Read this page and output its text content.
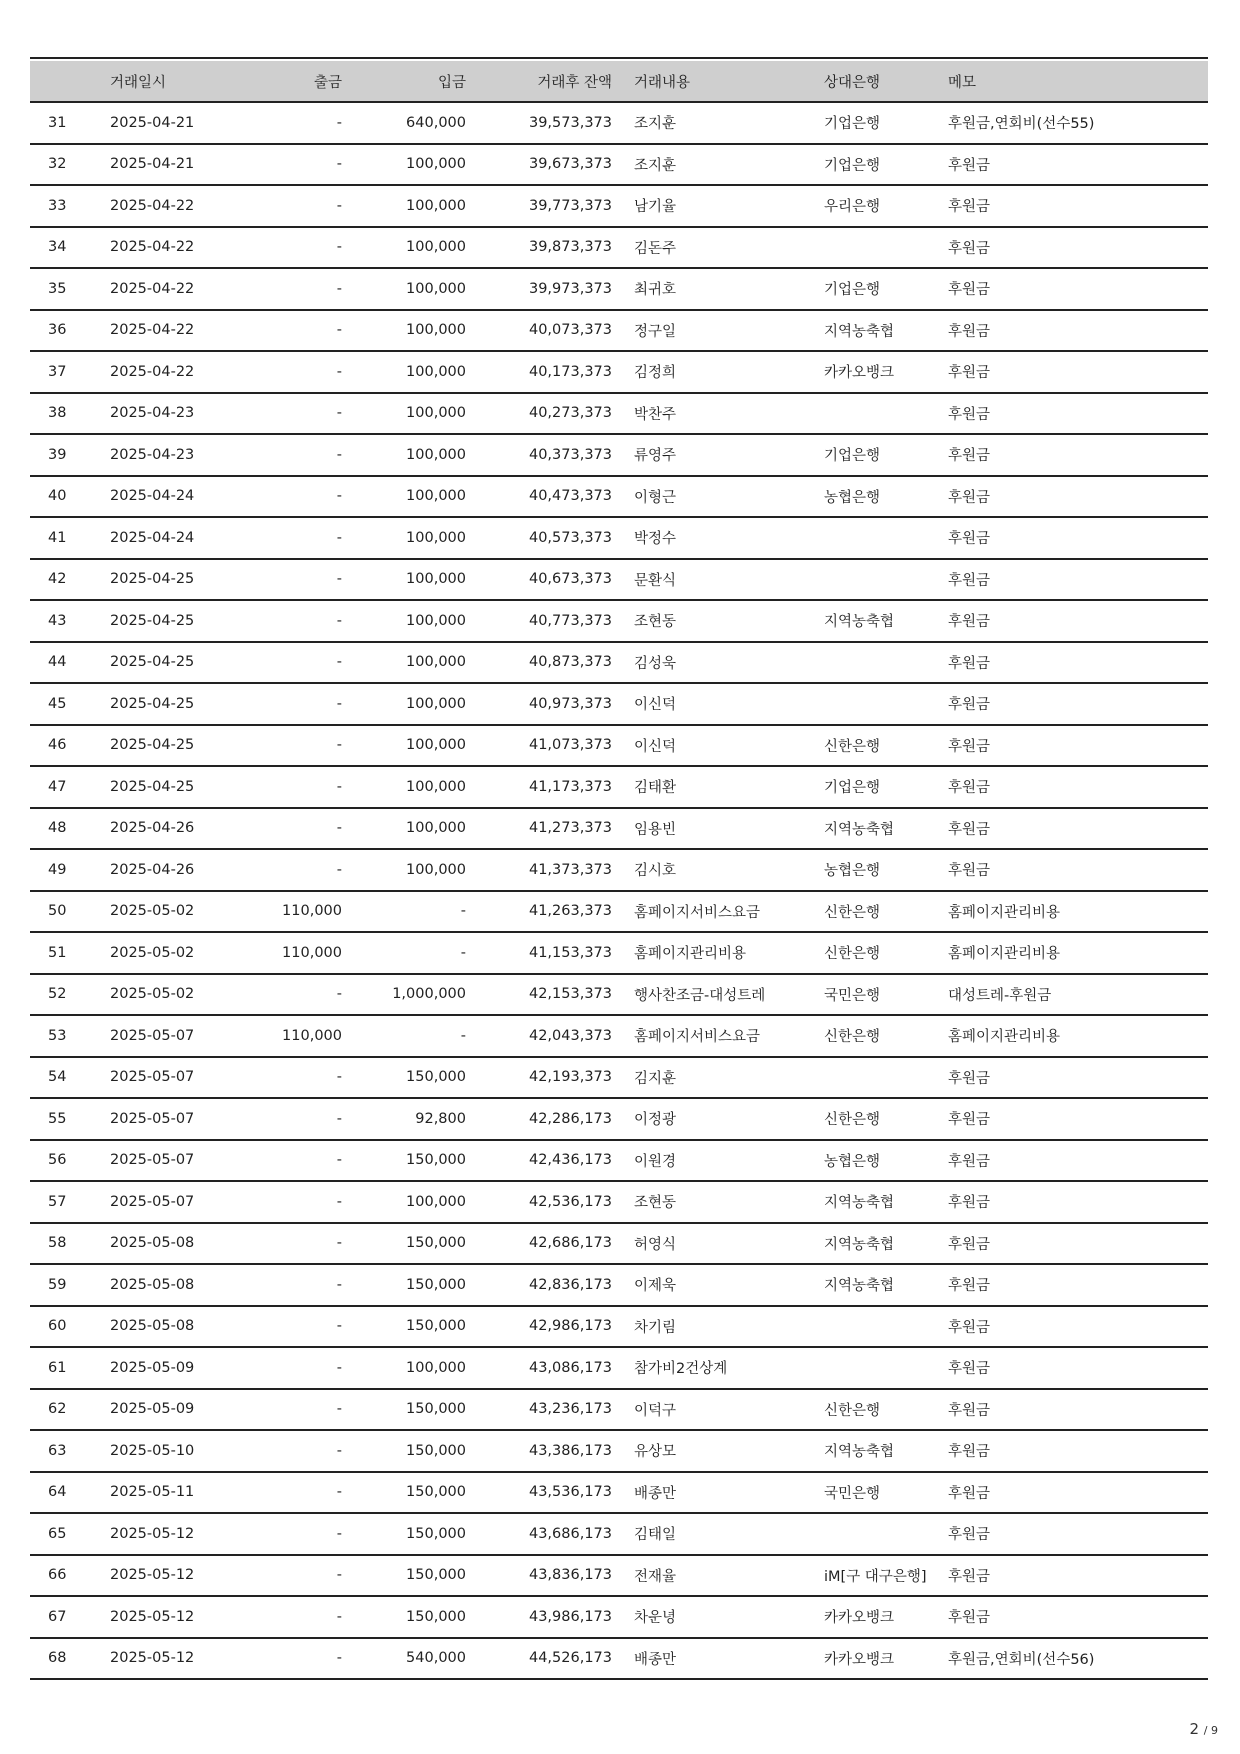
	거래일시	출금	입금	거래후 잔액		거래내용	상대은행	메모
31	2025-04-21	-	640,000	39,573,373		조지훈	기업은행	후원금,연회비(선수55)
32	2025-04-21	-	100,000	39,673,373		조지훈	기업은행	후원금
33	2025-04-22	-	100,000	39,773,373		남기율	우리은행	후원금
34	2025-04-22	-	100,000	39,873,373		김돈주		후원금
35	2025-04-22	-	100,000	39,973,373		최귀호	기업은행	후원금
36	2025-04-22	-	100,000	40,073,373		정구일	지역농축협	후원금
37	2025-04-22	-	100,000	40,173,373		김정희	카카오뱅크	후원금
38	2025-04-23	-	100,000	40,273,373		박찬주		후원금
39	2025-04-23	-	100,000	40,373,373		류영주	기업은행	후원금
40	2025-04-24	-	100,000	40,473,373		이형근	농협은행	후원금
41	2025-04-24	-	100,000	40,573,373		박정수		후원금
42	2025-04-25	-	100,000	40,673,373		문환식		후원금
43	2025-04-25	-	100,000	40,773,373		조현동	지역농축협	후원금
44	2025-04-25	-	100,000	40,873,373		김성욱		후원금
45	2025-04-25	-	100,000	40,973,373		이신덕		후원금
46	2025-04-25	-	100,000	41,073,373		이신덕	신한은행	후원금
47	2025-04-25	-	100,000	41,173,373		김태환	기업은행	후원금
48	2025-04-26	-	100,000	41,273,373		임용빈	지역농축협	후원금
49	2025-04-26	-	100,000	41,373,373		김시호	농협은행	후원금
50	2025-05-02	110,000	-	41,263,373		홈페이지서비스요금	신한은행	홈페이지관리비용
51	2025-05-02	110,000	-	41,153,373		홈페이지관리비용	신한은행	홈페이지관리비용
52	2025-05-02	-	1,000,000	42,153,373		행사찬조금-대성트레	국민은행	대성트레-후원금
53	2025-05-07	110,000	-	42,043,373		홈페이지서비스요금	신한은행	홈페이지관리비용
54	2025-05-07	-	150,000	42,193,373		김지훈		후원금
55	2025-05-07	-	92,800	42,286,173		이정광	신한은행	후원금
56	2025-05-07	-	150,000	42,436,173		이원경	농협은행	후원금
57	2025-05-07	-	100,000	42,536,173		조현동	지역농축협	후원금
58	2025-05-08	-	150,000	42,686,173		허영식	지역농축협	후원금
59	2025-05-08	-	150,000	42,836,173		이제욱	지역농축협	후원금
60	2025-05-08	-	150,000	42,986,173		차기림		후원금
61	2025-05-09	-	100,000	43,086,173		참가비2건상계		후원금
62	2025-05-09	-	150,000	43,236,173		이덕구	신한은행	후원금
63	2025-05-10	-	150,000	43,386,173		유상모	지역농축협	후원금
64	2025-05-11	-	150,000	43,536,173		배종만	국민은행	후원금
65	2025-05-12	-	150,000	43,686,173		김태일		후원금
66	2025-05-12	-	150,000	43,836,173		전재율	iM[구 대구은행]	후원금
67	2025-05-12	-	150,000	43,986,173		차운녕	카카오뱅크	후원금
68	2025-05-12	-	540,000	44,526,173		배종만	카카오뱅크	후원금,연회비(선수56)
2 / 9
